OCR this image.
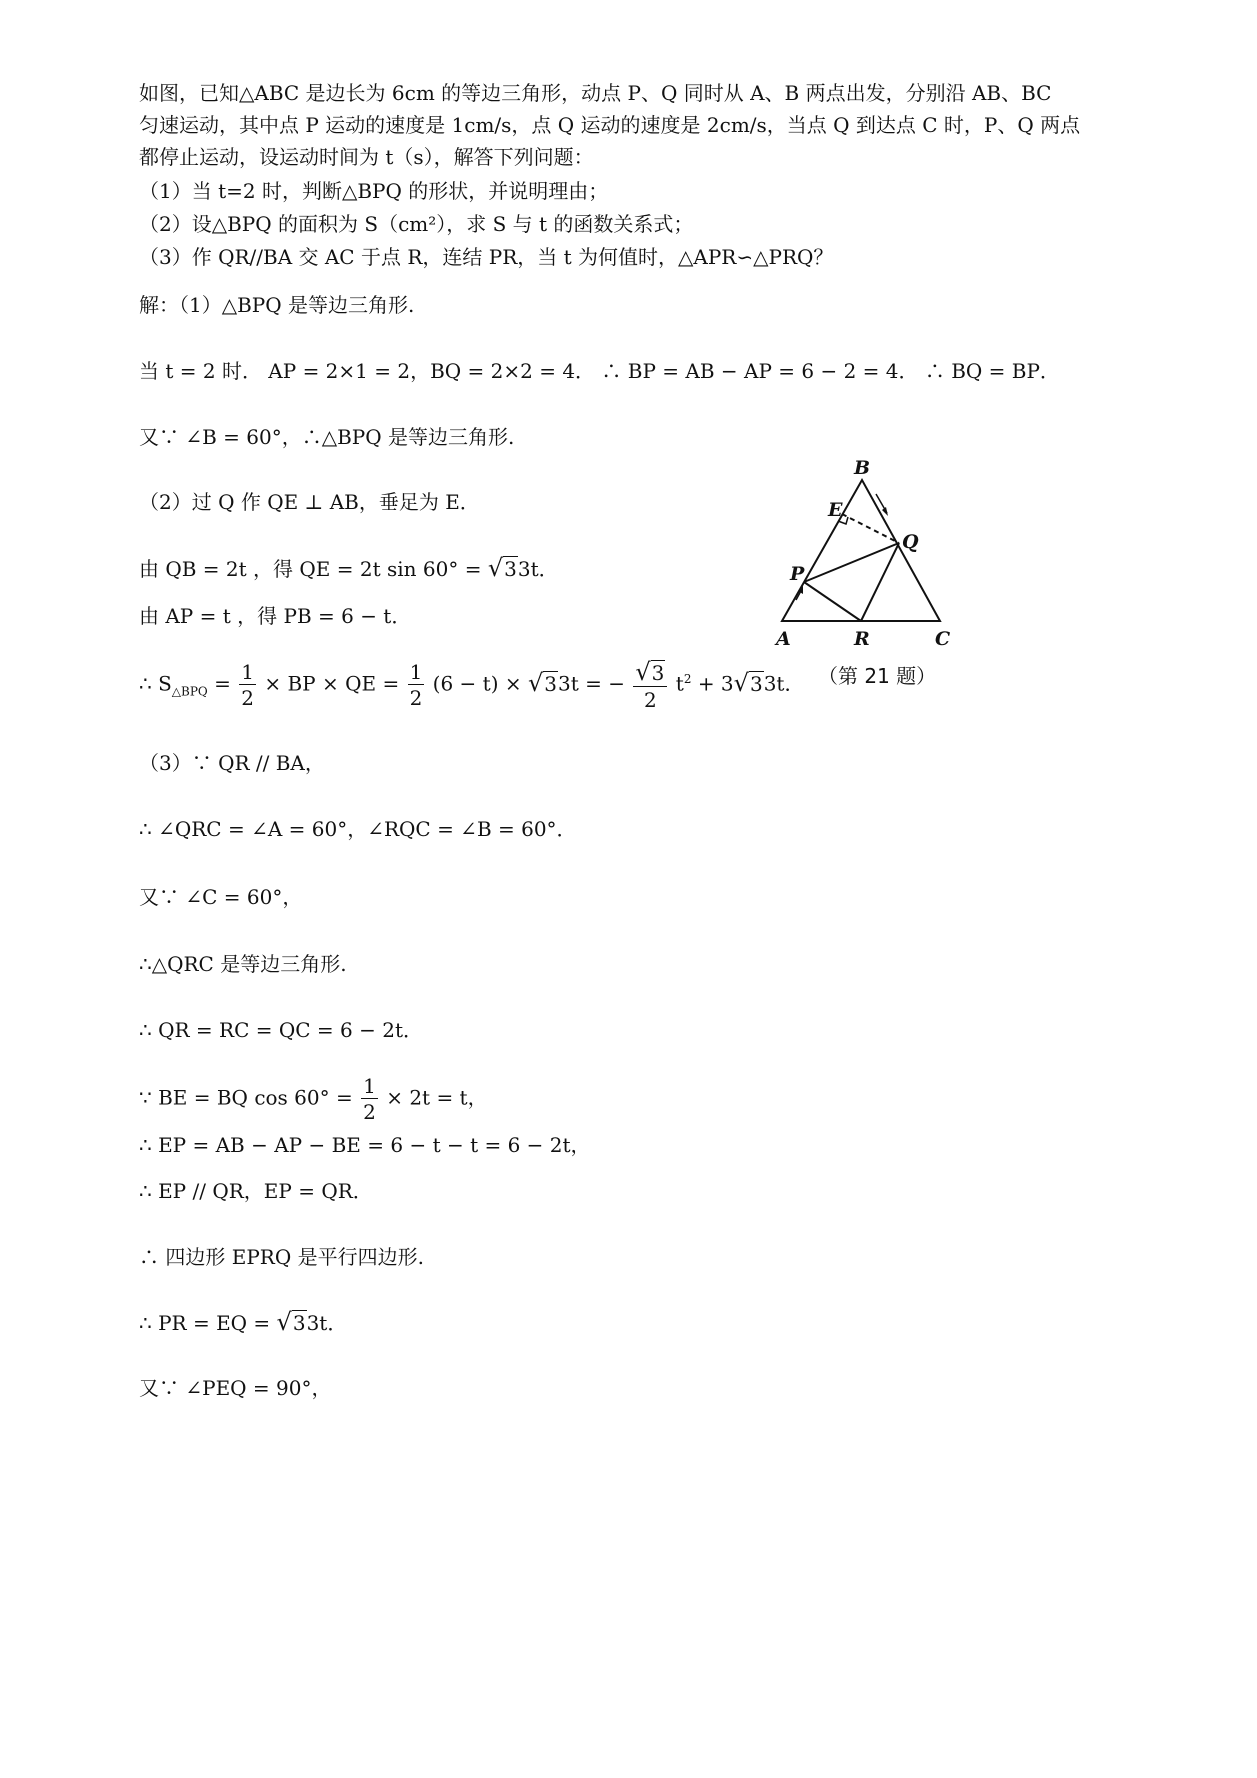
如图，已知△ABC 是边长为 6cm 的等边三角形，动点 P、Q 同时从 A、B 两点出发，分别沿 AB、BC
匀速运动，其中点 P 运动的速度是 1cm/s，点 Q 运动的速度是 2cm/s，当点 Q 到达点 C 时，P、Q 两点
都停止运动，设运动时间为 t（s），解答下列问题：
（1）当 t=2 时，判断△BPQ 的形状，并说明理由；
（2）设△BPQ 的面积为 S（cm²），求 S 与 t 的函数关系式；
（3）作 QR//BA 交 AC 于点 R，连结 PR，当 t 为何值时，△APR∽△PRQ？
解：（1）△BPQ 是等边三角形.
当 t = 2 时． AP = 2×1 = 2，BQ = 2×2 = 4． ∴ BP = AB − AP = 6 − 2 = 4． ∴ BQ = BP．
又∵ ∠B = 60°，∴△BPQ 是等边三角形.
（2）过 Q 作 QE ⊥ AB，垂足为 E．
由 QB = 2t ，得 QE = 2t sin 60° = √33t．
由 AP = t ，得 PB = 6 − t．
∴ $S_{\triangle BPQ} = \frac{1}{2}$ × BP × QE = $\frac{1}{2} (6 - t) \times √33t$ = − $\frac{√3}{2} t^2 + 3√33t$．
（3）∵ QR // BA，
∴ ∠QRC = ∠A = 60°，∠RQC = ∠B = 60°．
又∵ ∠C = 60°，
∴△QRC 是等边三角形.
∴ QR = RC = QC = 6 − 2t．
∵ BE = BQ $\cos 60^\circ = \frac{1}{2} \times 2t = t$，
∴ EP = AB − AP − BE = 6 − t − t = 6 − 2t，
∴ EP // QR，EP = QR．
∴ 四边形 EPRQ 是平行四边形.
∴ PR = EQ = √33t．
又∵ ∠PEQ = 90°，
B
E
Q
P
A	R	C
（第 21 题）
